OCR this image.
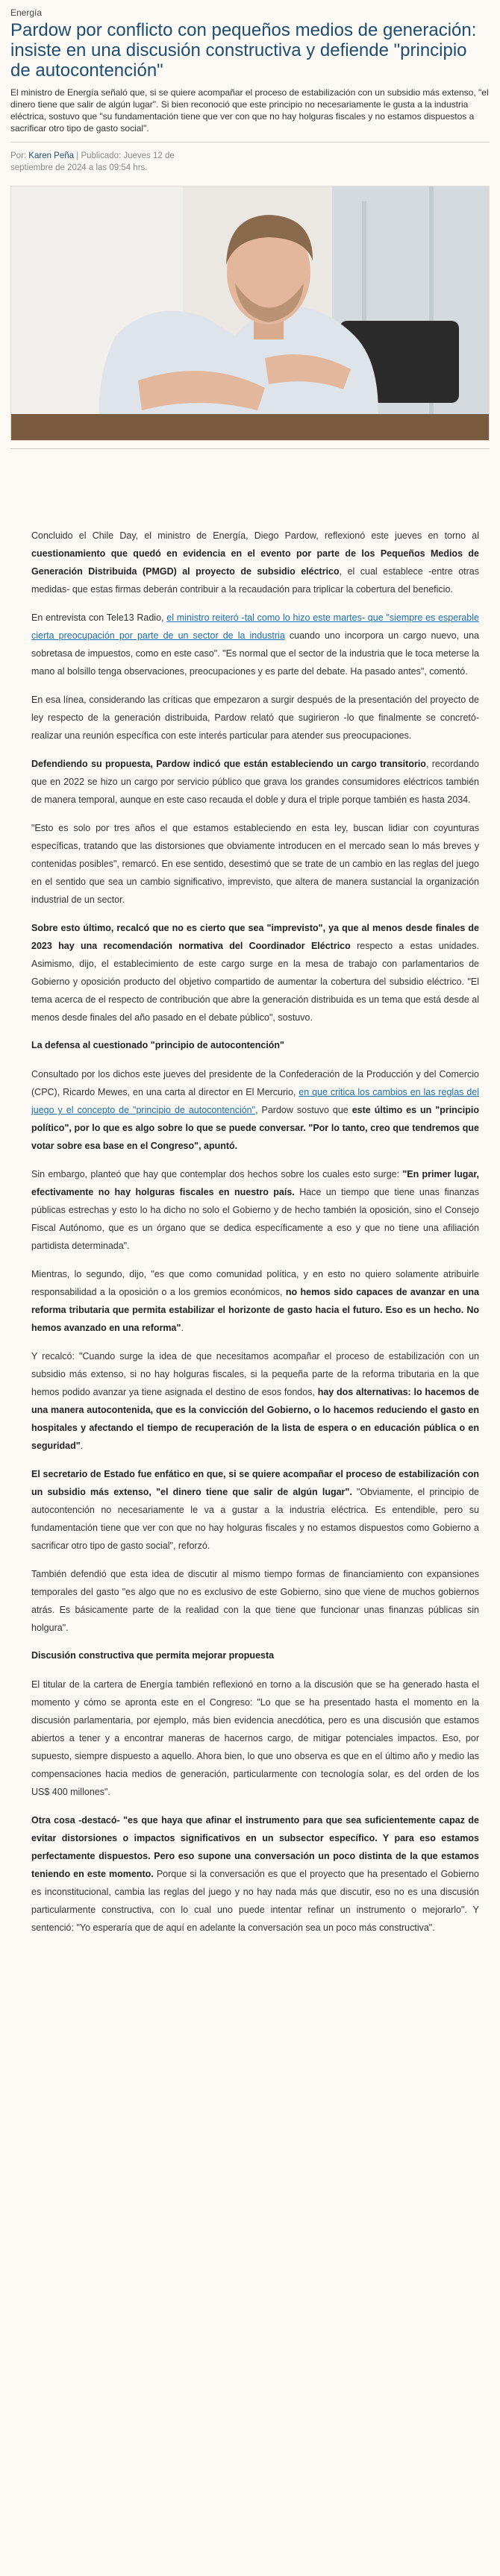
Energía
Pardow por conflicto con pequeños medios de generación: insiste en una discusión constructiva y defiende "principio de autocontención"

El ministro de Energía señaló que, si se quiere acompañar el proceso de estabilización con un subsidio más extenso, "el dinero tiene que salir de algún lugar". Si bien reconoció que este principio no necesariamente le gusta a la industria eléctrica, sostuvo que "su fundamentación tiene que ver con que no hay holguras fiscales y no estamos dispuestos a sacrificar otro tipo de gasto social".

Por: Karen Peña | Publicado: Jueves 12 de septiembre de 2024 a las 09:54 hrs.

Concluido el Chile Day, el ministro de Energía, Diego Pardow, reflexionó este jueves en torno al cuestionamiento que quedó en evidencia en el evento por parte de los Pequeños Medios de Generación Distribuida (PMGD) al proyecto de subsidio eléctrico, el cual establece -entre otras medidas- que estas firmas deberán contribuir a la recaudación para triplicar la cobertura del beneficio.

En entrevista con Tele13 Radio, el ministro reiteró -tal como lo hizo este martes- que "siempre es esperable cierta preocupación por parte de un sector de la industria cuando uno incorpora un cargo nuevo, una sobretasa de impuestos, como en este caso". "Es normal que el sector de la industria que le toca meterse la mano al bolsillo tenga observaciones, preocupaciones y es parte del debate. Ha pasado antes", comentó.

En esa línea, considerando las críticas que empezaron a surgir después de la presentación del proyecto de ley respecto de la generación distribuida, Pardow relató que sugirieron -lo que finalmente se concretó- realizar una reunión específica con este interés particular para atender sus preocupaciones.

Defendiendo su propuesta, Pardow indicó que están estableciendo un cargo transitorio, recordando que en 2022 se hizo un cargo por servicio público que grava los grandes consumidores eléctricos también de manera temporal, aunque en este caso recauda el doble y dura el triple porque también es hasta 2034.

"Esto es solo por tres años el que estamos estableciendo en esta ley, buscan lidiar con coyunturas específicas, tratando que las distorsiones que obviamente introducen en el mercado sean lo más breves y contenidas posibles", remarcó. En ese sentido, desestimó que se trate de un cambio en las reglas del juego en el sentido que sea un cambio significativo, imprevisto, que altera de manera sustancial la organización industrial de un sector.

Sobre esto último, recalcó que no es cierto que sea "imprevisto", ya que al menos desde finales de 2023 hay una recomendación normativa del Coordinador Eléctrico respecto a estas unidades. Asimismo, dijo, el establecimiento de este cargo surge en la mesa de trabajo con parlamentarios de Gobierno y oposición producto del objetivo compartido de aumentar la cobertura del subsidio eléctrico. "El tema acerca de el respecto de contribución que abre la generación distribuida es un tema que está desde al menos desde finales del año pasado en el debate público", sostuvo.

La defensa al cuestionado "principio de autocontención"

Consultado por los dichos este jueves del presidente de la Confederación de la Producción y del Comercio (CPC), Ricardo Mewes, en una carta al director en El Mercurio, en que critica los cambios en las reglas del juego y el concepto de "principio de autocontención", Pardow sostuvo que este último es un "principio político", por lo que es algo sobre lo que se puede conversar. "Por lo tanto, creo que tendremos que votar sobre esa base en el Congreso", apuntó.

Sin embargo, planteó que hay que contemplar dos hechos sobre los cuales esto surge: "En primer lugar, efectivamente no hay holguras fiscales en nuestro país. Hace un tiempo que tiene unas finanzas públicas estrechas y esto lo ha dicho no solo el Gobierno y de hecho también la oposición, sino el Consejo Fiscal Autónomo, que es un órgano que se dedica específicamente a eso y que no tiene una afiliación partidista determinada".

Mientras, lo segundo, dijo, "es que como comunidad política, y en esto no quiero solamente atribuirle responsabilidad a la oposición o a los gremios económicos, no hemos sido capaces de avanzar en una reforma tributaria que permita estabilizar el horizonte de gasto hacia el futuro. Eso es un hecho. No hemos avanzado en una reforma".

Y recalcó: "Cuando surge la idea de que necesitamos acompañar el proceso de estabilización con un subsidio más extenso, si no hay holguras fiscales, si la pequeña parte de la reforma tributaria en la que hemos podido avanzar ya tiene asignada el destino de esos fondos, hay dos alternativas: lo hacemos de una manera autocontenida, que es la convicción del Gobierno, o lo hacemos reduciendo el gasto en hospitales y afectando el tiempo de recuperación de la lista de espera o en educación pública o en seguridad".

El secretario de Estado fue enfático en que, si se quiere acompañar el proceso de estabilización con un subsidio más extenso, "el dinero tiene que salir de algún lugar". "Obviamente, el principio de autocontención no necesariamente le va a gustar a la industria eléctrica. Es entendible, pero su fundamentación tiene que ver con que no hay holguras fiscales y no estamos dispuestos como Gobierno a sacrificar otro tipo de gasto social", reforzó.

También defendió que esta idea de discutir al mismo tiempo formas de financiamiento con expansiones temporales del gasto "es algo que no es exclusivo de este Gobierno, sino que viene de muchos gobiernos atrás. Es básicamente parte de la realidad con la que tiene que funcionar unas finanzas públicas sin holgura".

Discusión constructiva que permita mejorar propuesta

El titular de la cartera de Energía también reflexionó en torno a la discusión que se ha generado hasta el momento y cómo se apronta este en el Congreso: "Lo que se ha presentado hasta el momento en la discusión parlamentaria, por ejemplo, más bien evidencia anecdótica, pero es una discusión que estamos abiertos a tener y a encontrar maneras de hacernos cargo, de mitigar potenciales impactos. Eso, por supuesto, siempre dispuesto a aquello. Ahora bien, lo que uno observa es que en el último año y medio las compensaciones hacia medios de generación, particularmente con tecnología solar, es del orden de los US$ 400 millones".

Otra cosa -destacó- "es que haya que afinar el instrumento para que sea suficientemente capaz de evitar distorsiones o impactos significativos en un subsector específico. Y para eso estamos perfectamente dispuestos. Pero eso supone una conversación un poco distinta de la que estamos teniendo en este momento. Porque si la conversación es que el proyecto que ha presentado el Gobierno es inconstitucional, cambia las reglas del juego y no hay nada más que discutir, eso no es una discusión particularmente constructiva, con lo cual uno puede intentar refinar un instrumento o mejorarlo". Y sentenció: "Yo esperaría que de aquí en adelante la conversación sea un poco más constructiva".
